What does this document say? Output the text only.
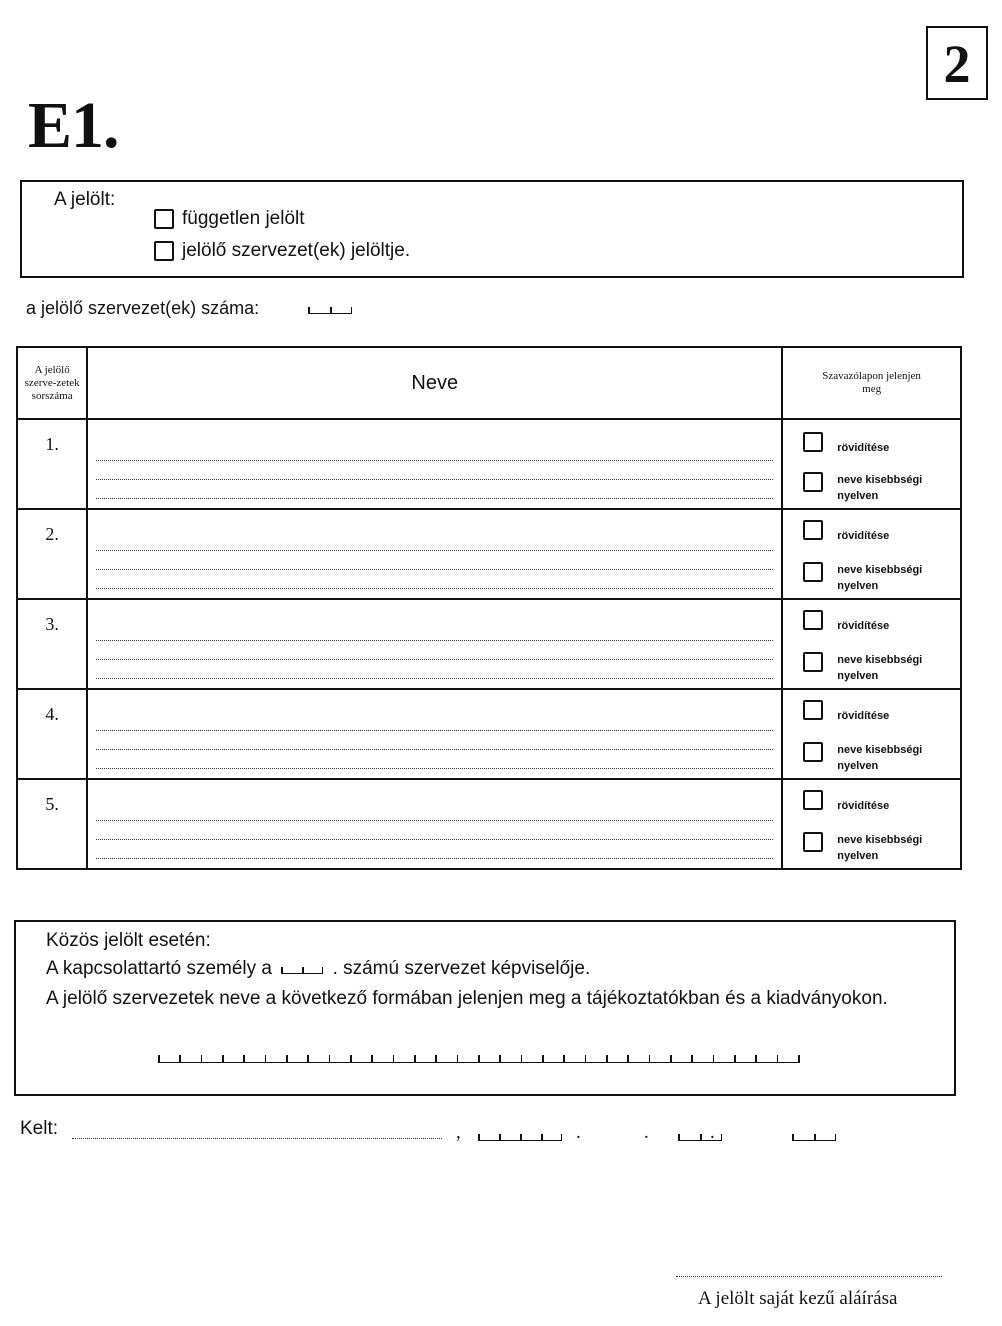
E1.
2
A jelölt:
független jelölt
jelölő szervezet(ek) jelöltje.
a jelölő szervezet(ek) száma:
A jelölő szerve-zetek sorszáma	Neve	Szavazólapon jelenjen meg
1.		rövidítése
neve kisebbségi nyelven

2.		rövidítése
neve kisebbségi nyelven

3.		rövidítése
neve kisebbségi nyelven

4.		rövidítése
neve kisebbségi nyelven

5.		rövidítése
neve kisebbségi nyelven
Közös jelölt esetén:
A kapcsolattartó személy a	. számú szervezet képviselője.
A jelölő szervezetek neve a következő formában jelenjen meg a tájékoztatókban és a kiadványokon.
Kelt:	,
	.
	.	.
A jelölt saját kezű aláírása
